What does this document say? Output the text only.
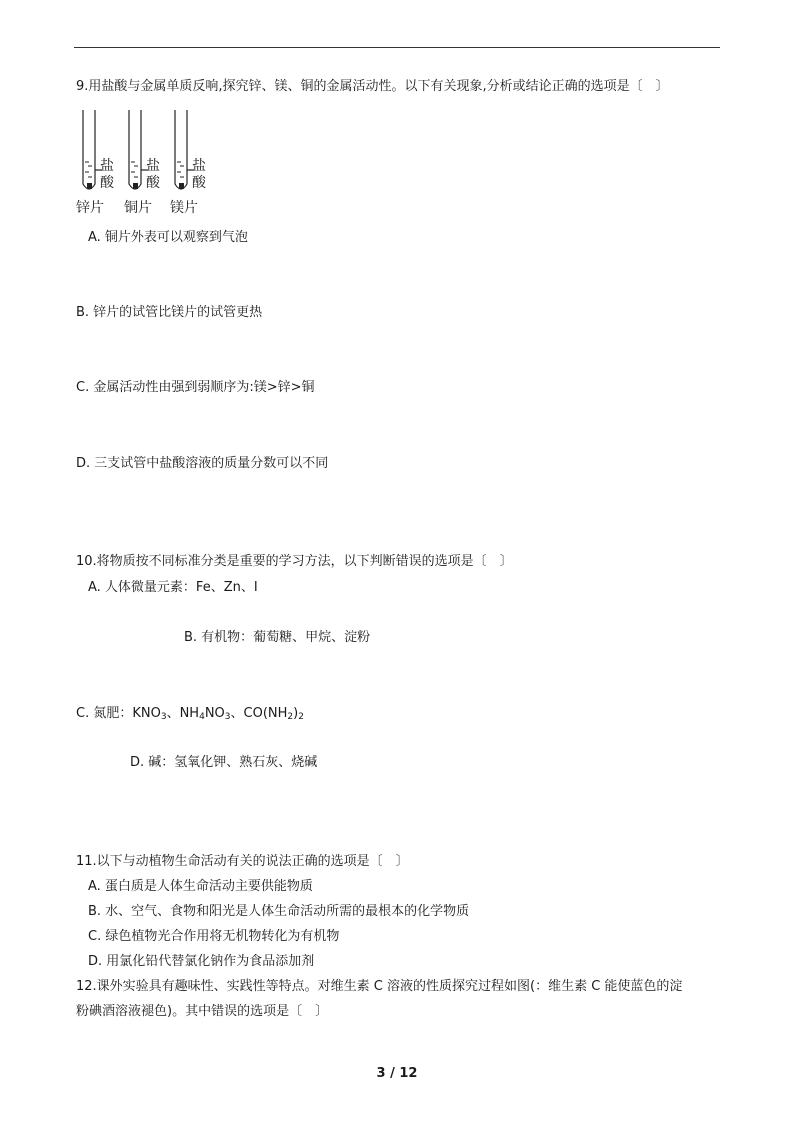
9.用盐酸与金属单质反响,探究锌、镁、铜的金属活动性。以下有关现象,分析或结论正确的选项是〔　〕
盐酸
盐酸
盐酸
锌片 铜片 镁片
A. 铜片外表可以观察到气泡
B. 锌片的试管比镁片的试管更热
C. 金属活动性由强到弱顺序为:镁>锌>铜
D. 三支试管中盐酸溶液的质量分数可以不同
10.将物质按不同标准分类是重要的学习方法，以下判断错误的选项是〔　〕
A. 人体微量元素：Fe、Zn、I
B. 有机物：葡萄糖、甲烷、淀粉
C. 氮肥：$KNO_3$、$NH_4NO_3$、$CO(NH_2)_2$
D. 碱：氢氧化钾、熟石灰、烧碱
11.以下与动植物生命活动有关的说法正确的选项是〔　〕
A. 蛋白质是人体生命活动主要供能物质
B. 水、空气、食物和阳光是人体生命活动所需的最根本的化学物质
C. 绿色植物光合作用将无机物转化为有机物
D. 用氯化铅代替氯化钠作为食品添加剂
12.课外实验具有趣味性、实践性等特点。对维生素 C 溶液的性质探究过程如图(：维生素 C 能使蓝色的淀
粉碘酒溶液褪色)。其中错误的选项是〔　〕
3 / 12
